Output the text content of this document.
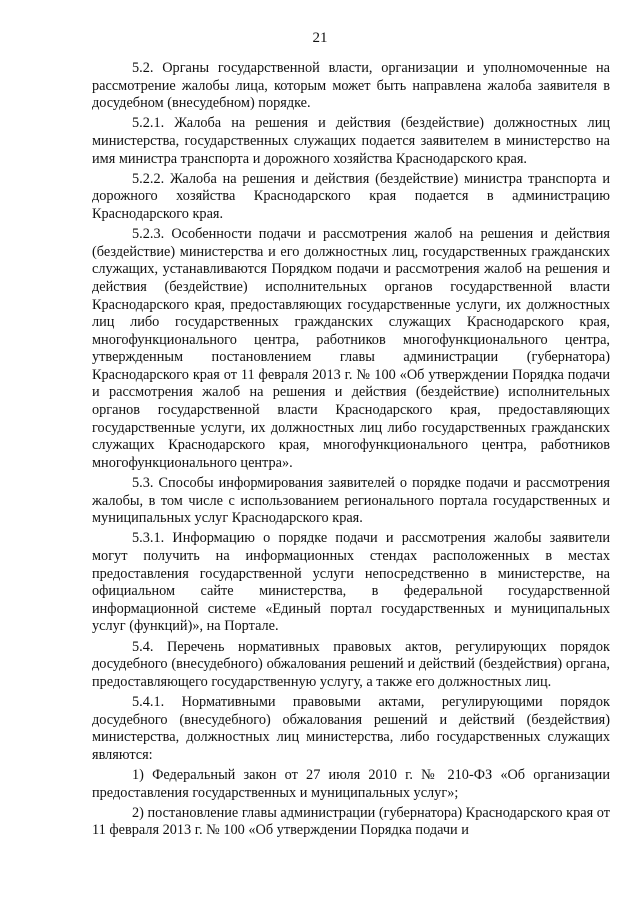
21

5.2. Органы государственной власти, организации и уполномоченные на рассмотрение жалобы лица, которым может быть направлена жалоба заявителя в досудебном (внесудебном) порядке.

5.2.1. Жалоба на решения и действия (бездействие) должностных лиц министерства, государственных служащих подается заявителем в министерство на имя министра транспорта и дорожного хозяйства Краснодарского края.

5.2.2. Жалоба на решения и действия (бездействие) министра транспорта и дорожного хозяйства Краснодарского края подается в администрацию Краснодарского края.

5.2.3. Особенности подачи и рассмотрения жалоб на решения и действия (бездействие) министерства и его должностных лиц, государственных гражданских служащих, устанавливаются Порядком подачи и рассмотрения жалоб на решения и действия (бездействие) исполнительных органов государственной власти Краснодарского края, предоставляющих государственные услуги, их должностных лиц либо государственных гражданских служащих Краснодарского края, многофункционального центра, работников многофункционального центра, утвержденным постановлением главы администрации (губернатора) Краснодарского края от 11 февраля 2013 г. № 100 «Об утверждении Порядка подачи и рассмотрения жалоб на решения и действия (бездействие) исполнительных органов государственной власти Краснодарского края, предоставляющих государственные услуги, их должностных лиц либо государственных гражданских служащих Краснодарского края, многофункционального центра, работников многофункционального центра».

5.3. Способы информирования заявителей о порядке подачи и рассмотрения жалобы, в том числе с использованием регионального портала государственных и муниципальных услуг Краснодарского края.

5.3.1. Информацию о порядке подачи и рассмотрения жалобы заявители могут получить на информационных стендах расположенных в местах предоставления государственной услуги непосредственно в министерстве, на официальном сайте министерства, в федеральной государственной информационной системе «Единый портал государственных и муниципальных услуг (функций)», на Портале.

5.4. Перечень нормативных правовых актов, регулирующих порядок досудебного (внесудебного) обжалования решений и действий (бездействия) органа, предоставляющего государственную услугу, а также его должностных лиц.

5.4.1. Нормативными правовыми актами, регулирующими порядок досудебного (внесудебного) обжалования решений и действий (бездействия) министерства, должностных лиц министерства, либо государственных служащих являются:

1) Федеральный закон от 27 июля 2010 г. № 210-ФЗ «Об организации предоставления государственных и муниципальных услуг»;

2) постановление главы администрации (губернатора) Краснодарского края от 11 февраля 2013 г. № 100 «Об утверждении Порядка подачи и
